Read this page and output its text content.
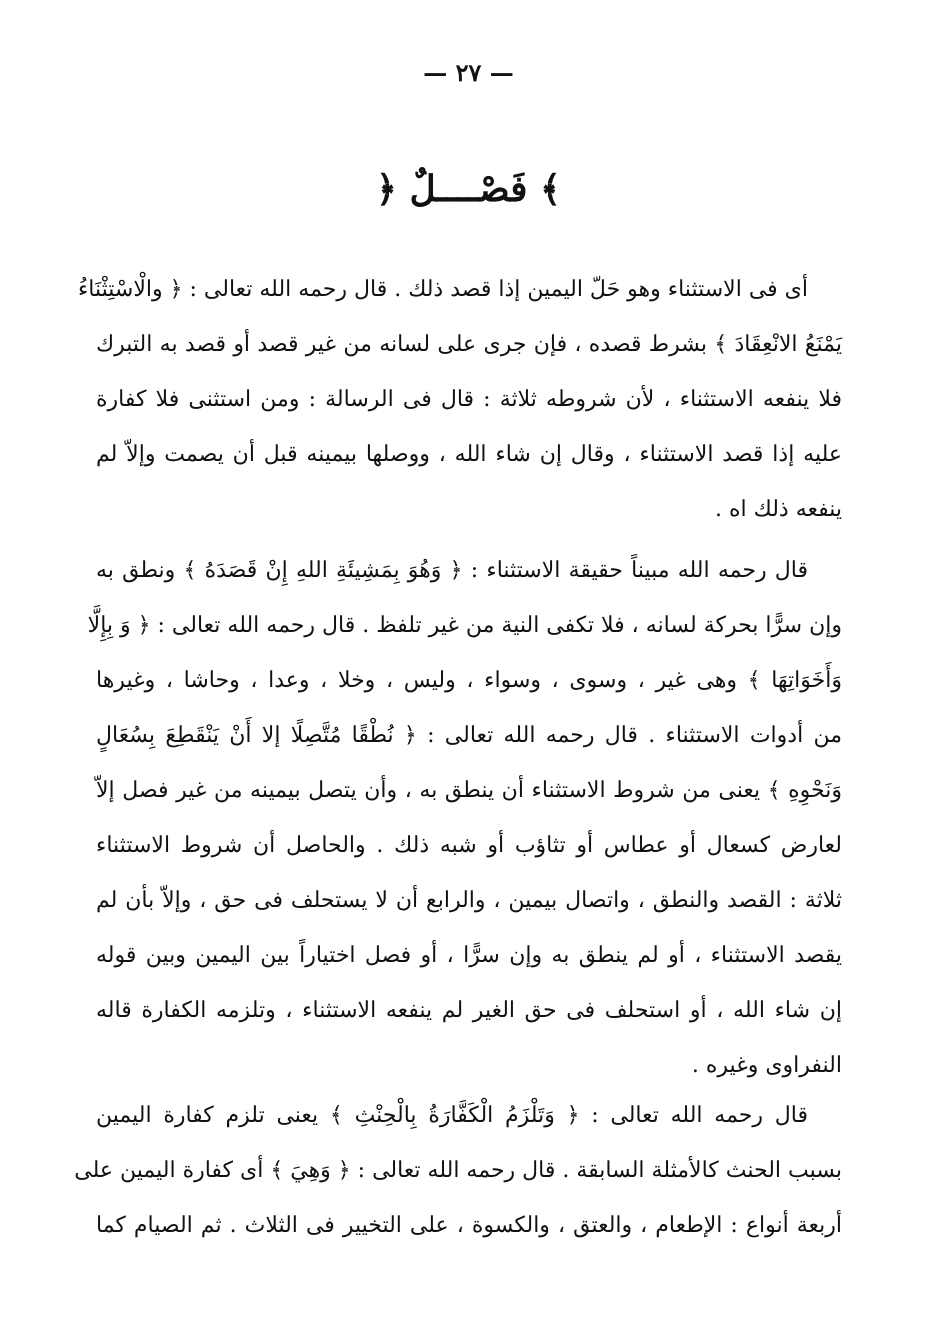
— ٢٧ —
﴿ فَصْــــلٌ ﴾
أى فى الاستثناء وهو حَلّ اليمين إذا قصد ذلك . قال رحمه الله تعالى : ﴿ والْاسْتِثْنَاءُ
يَمْنَعُ الانْعِقَادَ ﴾ بشرط قصده ، فإن جرى على لسانه من غير قصد أو قصد به التبرك
فلا ينفعه الاستثناء ، لأن شروطه ثلاثة : قال فى الرسالة : ومن استثنى فلا كفارة
عليه إذا قصد الاستثناء ، وقال إن شاء الله ، ووصلها بيمينه قبل أن يصمت وإلاّ لم
ينفعه ذلك اه .
قال رحمه الله مبيناً حقيقة الاستثناء : ﴿ وَهُوَ بِمَشِيئَةِ اللهِ إِنْ قَصَدَهُ ﴾ ونطق به
وإن سرًّا بحركة لسانه ، فلا تكفى النية من غير تلفظ . قال رحمه الله تعالى : ﴿ وَ بِإِلَّا
وَأَخَوَاتِهَا ﴾ وهى غير ، وسوى ، وسواء ، وليس ، وخلا ، وعدا ، وحاشا ، وغيرها
من أدوات الاستثناء . قال رحمه الله تعالى : ﴿ نُطْقًا مُتَّصِلًا إلا أَنْ يَنْقَطِعَ بِسُعَالٍ
وَنَحْوِهِ ﴾ يعنى من شروط الاستثناء أن ينطق به ، وأن يتصل بيمينه من غير فصل إلاّ
لعارض كسعال أو عطاس أو تثاؤب أو شبه ذلك . والحاصل أن شروط الاستثناء
ثلاثة : القصد والنطق ، واتصال بيمين ، والرابع أن لا يستحلف فى حق ، وإلاّ بأن لم
يقصد الاستثناء ، أو لم ينطق به وإن سرًّا ، أو فصل اختياراً بين اليمين وبين قوله
إن شاء الله ، أو استحلف فى حق الغير لم ينفعه الاستثناء ، وتلزمه الكفارة قاله
النفراوى وغيره .
قال رحمه الله تعالى : ﴿ وَتَلْزَمُ الْكَفَّارَةُ بِالْحِنْثِ ﴾ يعنى تلزم كفارة اليمين
بسبب الحنث كالأمثلة السابقة . قال رحمه الله تعالى : ﴿ وَهِيَ ﴾ أى كفارة اليمين على
أربعة أنواع : الإطعام ، والعتق ، والكسوة ، على التخيير فى الثلاث . ثم الصيام كما
